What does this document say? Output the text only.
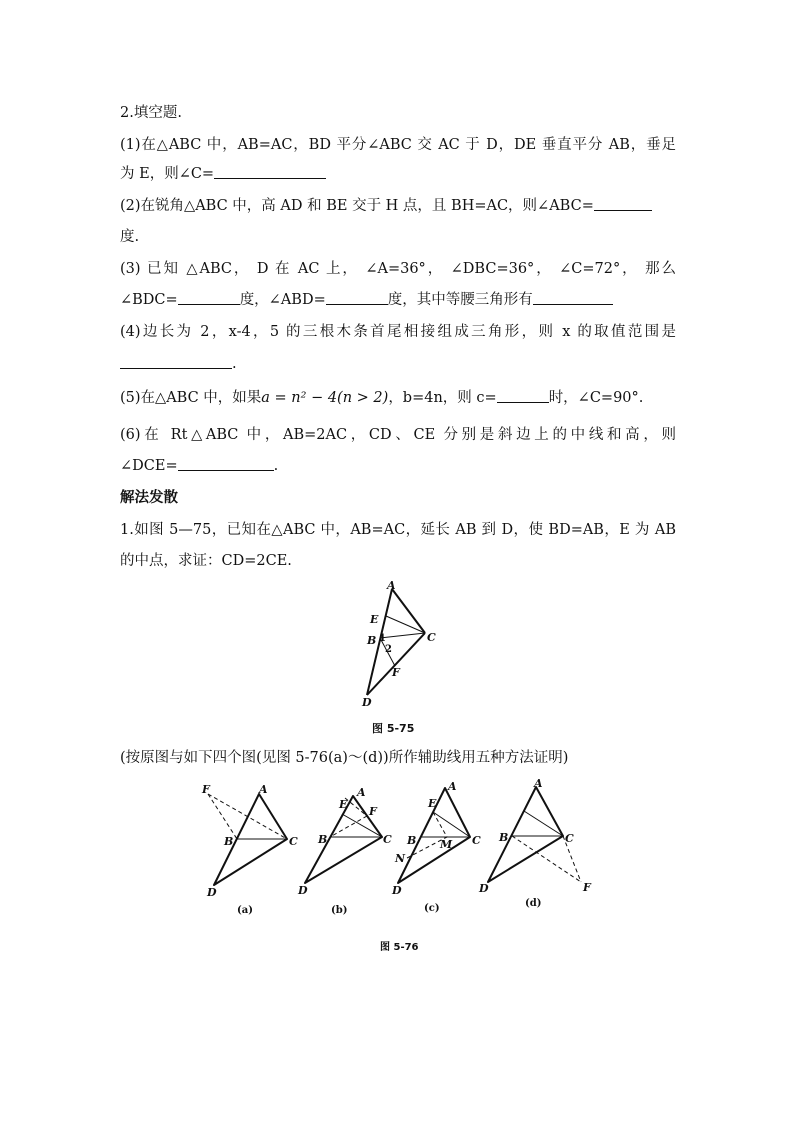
2.填空题.
(1)在△ABC 中，AB=AC，BD 平分∠ABC 交 AC 于 D，DE 垂直平分 AB，垂足
为 E，则∠C=
(2)在锐角△ABC 中，高 AD 和 BE 交于 H 点，且 BH=AC，则∠ABC=
度.
(3) 已知 △ABC， D 在 AC 上， ∠A=36°， ∠DBC=36°， ∠C=72°， 那么
∠BDC=	度，∠ABD=	度，其中等腰三角形有
(4)边长为 2，x-4，5 的三根木条首尾相接组成三角形，则 x 的取值范围是
.
(5)在△ABC 中，如果a = n² − 4(n > 2)，b=4n，则 c=	时，∠C=90°.
(6)在 Rt△ABC 中，AB=2AC，CD、CE 分别是斜边上的中线和高，则
∠DCE=	.
解法发散
1.如图 5—75，已知在△ABC 中，AB=AC，延长 AB 到 D，使 BD=AB，E 为 AB
的中点，求证：CD=2CE.
A
E
B 1
2
C
F
D
图 5-75
(按原图与如下四个图(见图 5-76(a)～(d))所作辅助线用五种方法证明)
F	A
B	C
D
(a)
E
A
F
B	C
D
(b)
E
A
B	C
M
N
D
(c)
A
B	C
D	F
(d)
图 5-76
